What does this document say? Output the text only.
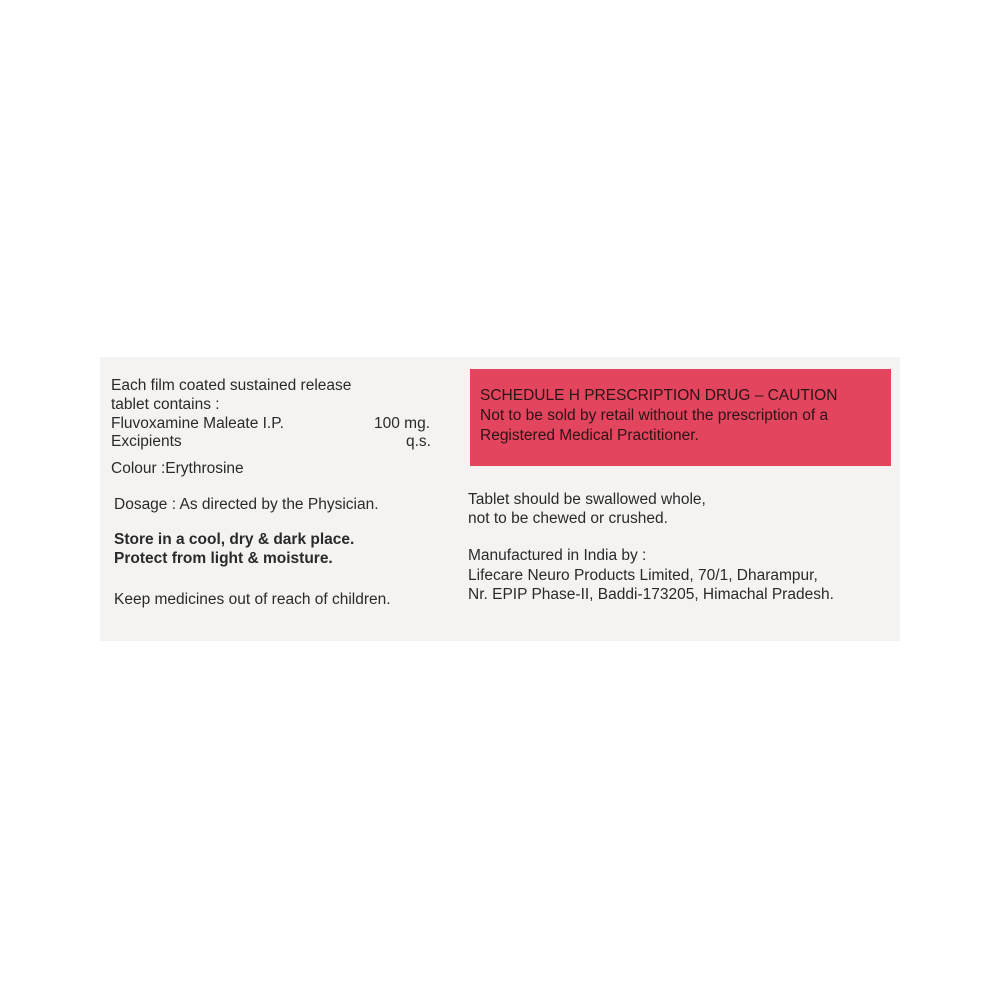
Each film coated sustained release
tablet contains :
Fluvoxamine Maleate I.P.	100 mg.
Excipients	q.s.
Colour :Erythrosine
Dosage : As directed by the Physician.
Store in a cool, dry & dark place.
Protect from light & moisture.
Keep medicines out of reach of children.
SCHEDULE H PRESCRIPTION DRUG – CAUTION
Not to be sold by retail without the prescription of a
Registered Medical Practitioner.
Tablet should be swallowed whole,
not to be chewed or crushed.
Manufactured in India by :
Lifecare Neuro Products Limited, 70/1, Dharampur,
Nr. EPIP Phase-II, Baddi-173205, Himachal Pradesh.
